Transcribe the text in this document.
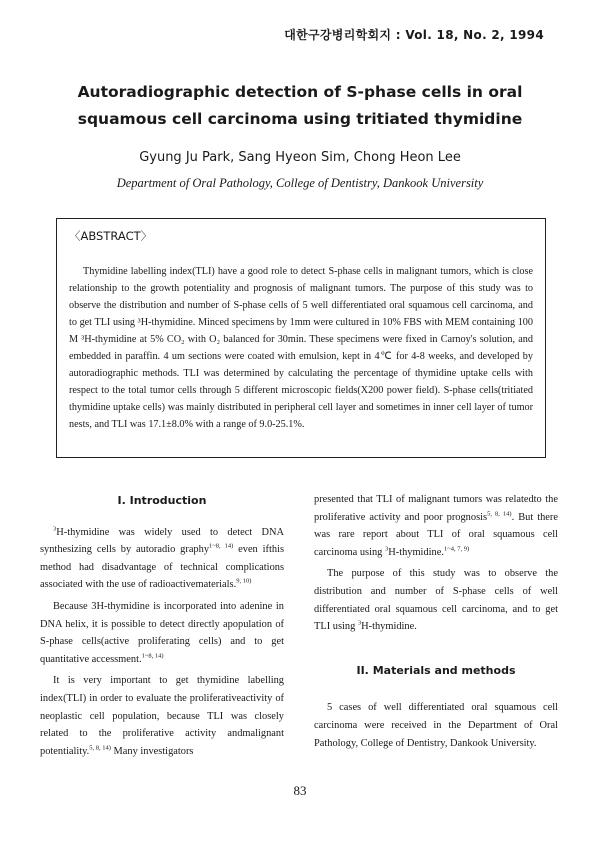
대한구강병리학회지 : Vol. 18, No. 2, 1994
Autoradiographic detection of S-phase cells in oral
squamous cell carcinoma using tritiated thymidine
Gyung Ju Park, Sang Hyeon Sim, Chong Heon Lee
Department of Oral Pathology, College of Dentistry, Dankook University
〈ABSTRACT〉
Thymidine labelling index(TLI) have a good role to detect S-phase cells in malignant tumors, which is close relationship to the growth potentiality and prognosis of malignant tumors. The purpose of this study was to observe the distribution and number of S-phase cells of 5 well differentiated oral squamous cell carcinoma, and to get TLI using ³H-thymidine. Minced specimens by 1mm were cultured in 10% FBS with MEM containing 100 M ³H-thymidine at 5% CO₂ with O₂ balanced for 30min. These specimens were fixed in Carnoy's solution, and embedded in paraffin. 4 um sections were coated with emulsion, kept in 4℃ for 4-8 weeks, and developed by autoradiographic methods. TLI was determined by calculating the percentage of thymidine uptake cells with respect to the total tumor cells through 5 different microscopic fields(X200 power field). S-phase cells(tritiated thymidine uptake cells) was mainly distributed in peripheral cell layer and sometimes in inner cell layer of tumor nests, and TLI was 17.1±8.0% with a range of 9.0-25.1%.
I. Introduction

$^3$H-thymidine was widely used to detect DNA synthesizing cells by autoradio graphy$^{1\sim 8, 14)}$ even ifthis method had disadvantage of technical complications associated with the use of radioactivematerials.$^{9, 10)}$

Because 3H-thymidine is incorporated into adenine in DNA helix, it is possible to detect directly apopulation of S-phase cells(active proliferating cells) and to get quantitative accessment.$^{1\sim 8, 14)}$

It is very important to get thymidine labelling index(TLI) in order to evaluate the proliferativeactivity of neoplastic cell population, because TLI was closely related to the proliferative activity andmalignant potentiality.$^{5, 8, 14)}$ Many investigators

presented that TLI of malignant tumors was relatedto the proliferative activity and poor prognosis$^{5, 8, 14)}$. But there was rare report about TLI of oral squamous cell carcinoma using $^3$H-thymidine.$^{1\sim 4, 7, 9)}$

The purpose of this study was to observe the distribution and number of S-phase cells of well differentiated oral squamous cell carcinoma, and to get TLI using $^3$H-thymidine.

II. Materials and methods

5 cases of well differentiated oral squamous cell carcinoma were received in the Department of Oral Pathology, College of Dentistry, Dankook University.

83
